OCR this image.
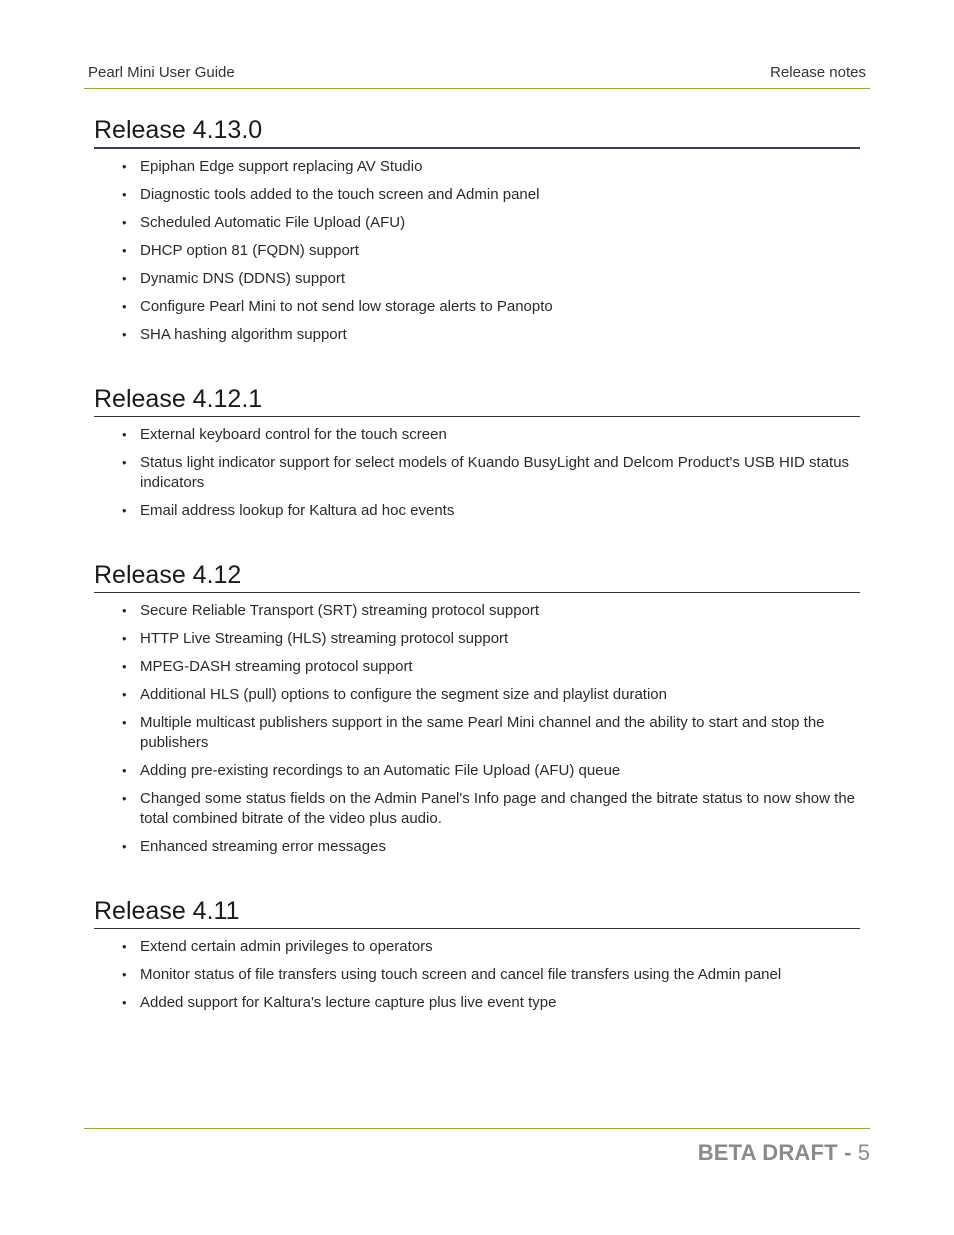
Pearl Mini User Guide	Release notes
Release 4.13.0
• Epiphan Edge support replacing AV Studio
• Diagnostic tools added to the touch screen and Admin panel
• Scheduled Automatic File Upload (AFU)
• DHCP option 81 (FQDN) support
• Dynamic DNS (DDNS) support
• Configure Pearl Mini to not send low storage alerts to Panopto
• SHA hashing algorithm support
Release 4.12.1
• External keyboard control for the touch screen
• Status light indicator support for select models of Kuando BusyLight and Delcom Product's USB HID status indicators
• Email address lookup for Kaltura ad hoc events
Release 4.12
• Secure Reliable Transport (SRT) streaming protocol support
• HTTP Live Streaming (HLS) streaming protocol support
• MPEG-DASH streaming protocol support
• Additional HLS (pull) options to configure the segment size and playlist duration
• Multiple multicast publishers support in the same Pearl Mini channel and the ability to start and stop the publishers
• Adding pre-existing recordings to an Automatic File Upload (AFU) queue
• Changed some status fields on the Admin Panel's Info page and changed the bitrate status to now show the total combined bitrate of the video plus audio.
• Enhanced streaming error messages
Release 4.11
• Extend certain admin privileges to operators
• Monitor status of file transfers using touch screen and cancel file transfers using the Admin panel
• Added support for Kaltura's lecture capture plus live event type
BETA DRAFT - 5
